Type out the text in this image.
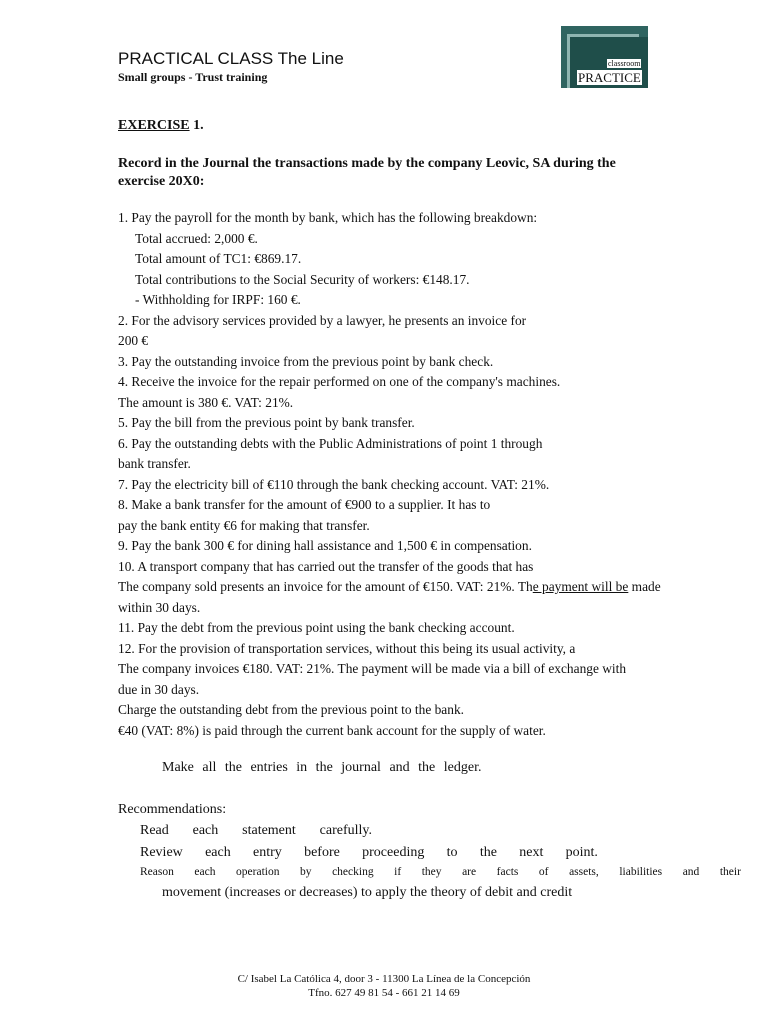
PRACTICAL CLASS The Line
Small groups - Trust training
classroom
PRACTICE
EXERCISE 1.
Record in the Journal the transactions made by the company Leovic, SA during the exercise 20X0:
1. Pay the payroll for the month by bank, which has the following breakdown:
Total accrued: 2,000 €.
Total amount of TC1: €869.17.
Total contributions to the Social Security of workers: €148.17.
- Withholding for IRPF: 160 €.
2. For the advisory services provided by a lawyer, he presents an invoice for
200 €
3. Pay the outstanding invoice from the previous point by bank check.
4. Receive the invoice for the repair performed on one of the company's machines.
The amount is 380 €. VAT: 21%.
5. Pay the bill from the previous point by bank transfer.
6. Pay the outstanding debts with the Public Administrations of point 1 through
bank transfer.
7. Pay the electricity bill of €110 through the bank checking account. VAT: 21%.
8. Make a bank transfer for the amount of €900 to a supplier. It has to
pay the bank entity €6 for making that transfer.
9. Pay the bank 300 € for dining hall assistance and 1,500 € in compensation.
10. A transport company that has carried out the transfer of the goods that has
The company sold presents an invoice for the amount of €150. VAT: 21%. The payment will be made
within 30 days.
11. Pay the debt from the previous point using the bank checking account.
12. For the provision of transportation services, without this being its usual activity, a
The company invoices €180. VAT: 21%. The payment will be made via a bill of exchange with
due in 30 days.
Charge the outstanding debt from the previous point to the bank.
€40 (VAT: 8%) is paid through the current bank account for the supply of water.
Make all the entries in the journal and the ledger.
Recommendations:
Read each statement carefully.
Review each entry before proceeding to the next point.
Reason each operation by checking if they are facts of assets, liabilities and their
movement (increases or decreases) to apply the theory of debit and credit
C/ Isabel La Católica 4, door 3 - 11300 La Línea de la Concepción
Tfno. 627 49 81 54 - 661 21 14 69
